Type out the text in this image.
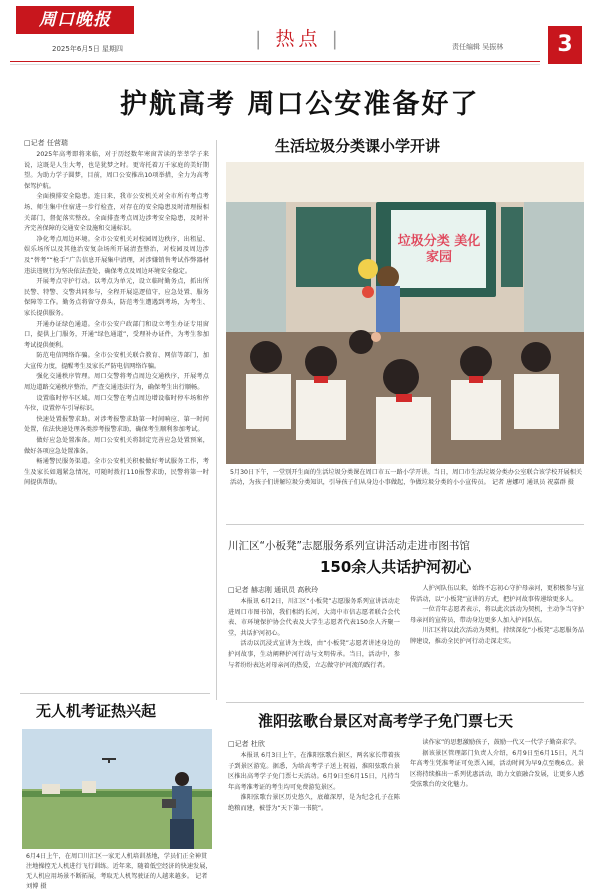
周口晚报
2025年6月5日 星期四	| 热点 |	责任编辑 吴振林	3
护航高考 周口公安准备好了
□记者 任营瑞

2025年高考即将来临，对于历经数年寒窗苦读的莘莘学子来说，这既是人生大考，也是犹梦之时。更寄托着万千家庭的美好期望。为助力学子圆梦，目前，周口公安推出10项举措，全力为高考保驾护航。

全面摸排安全隐患。连日来，我市公安机关对全市所有考点考场、师生集中住宿进一步行检查，对存在的安全隐患及时清理报相关部门，督促落实整改。全面排查考点周边涉考安全隐患，及时补齐完善保障的交通安全设施和交通标识。

净化考点周边环境。全市公安机关对校园周边秩序，出租屋、娱乐场所以及其他治安复杂场所开展清查整治，对校园及周边涉及“替考”“枪手”广告信息开展集中清理，对涉嫌销售考试作弊器材违法违规行为坚决依法查处，确保考点及周边环境安全稳定。

开展考点守护行动。以考点为单元，设立临时勤务点，抓出所民警、特警、交警共同参与，全程开展巡逻值守，应急处置、服务保障等工作。勤务点将留守鼻头，防范考生遭遇到考场，为考生、家长提供服务。

开通办证绿色通道。全市公安户政部门和设立考生办证专用窗口，提供上门服务，开通“绿色通道”，受理补办证件，为考生参加考试提供便利。

防范电信网络诈骗。全市公安机关联合教育、网信等部门，加大宣传力度，提醒考生及家长严防电信网络诈骗。

强化交通秩序管理。周口交警将考点周边交通秩序，开展考点周边道路交通秩序整治，严查交通违法行为，确保考生出行顺畅。

设置临时停车区域。周口交警在考点周边增设临时停车场和停车位，设置停车引导标识。

快速处置报警求助。对涉考报警求助第一时间响应、第一时间处置，依法快速处理各类涉考报警求助，确保考生顺利参加考试。

做好应急处置准备。周口公安机关将制定完善应急处置预案，做好各项应急处置准备。

畅通警民服务渠道。全市公安机关积极做好考试服务工作，考生及家长如遇紧急情况，可随时拨打110报警求助，民警将第一时间提供帮助。

生活垃圾分类课小学开讲
垃圾分类 美化家园
5月30日下午，一堂别开生面的生活垃圾分类课在周口市五一路小学开讲。当日，周口市生活垃圾分类办公室联合该学校开展相关活动，为孩子们讲解垃圾分类知识，引导孩子们从身边小事做起，争做垃圾分类的小小宣传员。 记者 唐娜可 通讯员 祝嘉群 摄
川汇区“小板凳”志愿服务系列宣讲活动走进市图书馆
150余人共话护河初心
□记者 赫志刚 通讯员 高秋玲

本报讯 6月2日，川汇区“小板凳”志愿服务系列宣讲活动走进周口市图书馆，我们相约长河，大湾中市信志愿者联合会代表、市环境保护协会代表及大学生志愿者代表150余人齐聚一堂，共话护河初心。

活动以沉浸式宣讲为主线，由“小板凳”志愿者讲述身边的护河故事，生动阐释护河行动与文明传承。当日，活动中，参与者纷纷表达对母亲河的热爱，立志做守护河流的践行者。

人护河队伍以来，始终不忘初心守护母亲河，更积极参与宣传活动，以“小板凳”宣讲的方式，把护河故事传递给更多人。

一位青年志愿者表示，将以此次活动为契机，主动争当守护母亲河的宣传员，带动身边更多人加入护河队伍。

川汇区将以此次活动为契机，持续深化“小板凳”志愿服务品牌建设，推动全民护河行动走深走实。

无人机考证热兴起
6月4日上午，在周口川汇区一家无人机培训基地，学员们正全神贯注地操控无人机进行飞行训练。近年来，随着低空经济的快速发展，无人机应用场景不断拓展，考取无人机驾驶证的人越来越多。 记者 刘博 摄
淮阳弦歌台景区对高考学子免门票七天
□记者 杜欣

本报讯 6月3日上午，在淮阳弦歌台景区，两名家长带着孩子到景区游览。据悉，为给高考学子送上祝福，淮阳弦歌台景区推出高考学子免门票七天活动。6月9日至6月15日，凡持当年高考准考证的考生均可免费游览景区。

淮阳弦歌台景区历史悠久，底蕴深厚，是为纪念孔子在陈绝粮而建，被誉为“天下第一书院”。

读作家”的思想激励孩子，鼓励一代又一代学子勤奋求学。

据该景区管理部门负责人介绍，6月9日至6月15日，凡当年高考生凭准考证可免票入园，活动时间为早9点至晚6点。景区将持续推出一系列优惠活动，助力文旅融合发展，让更多人感受弦歌台的文化魅力。
